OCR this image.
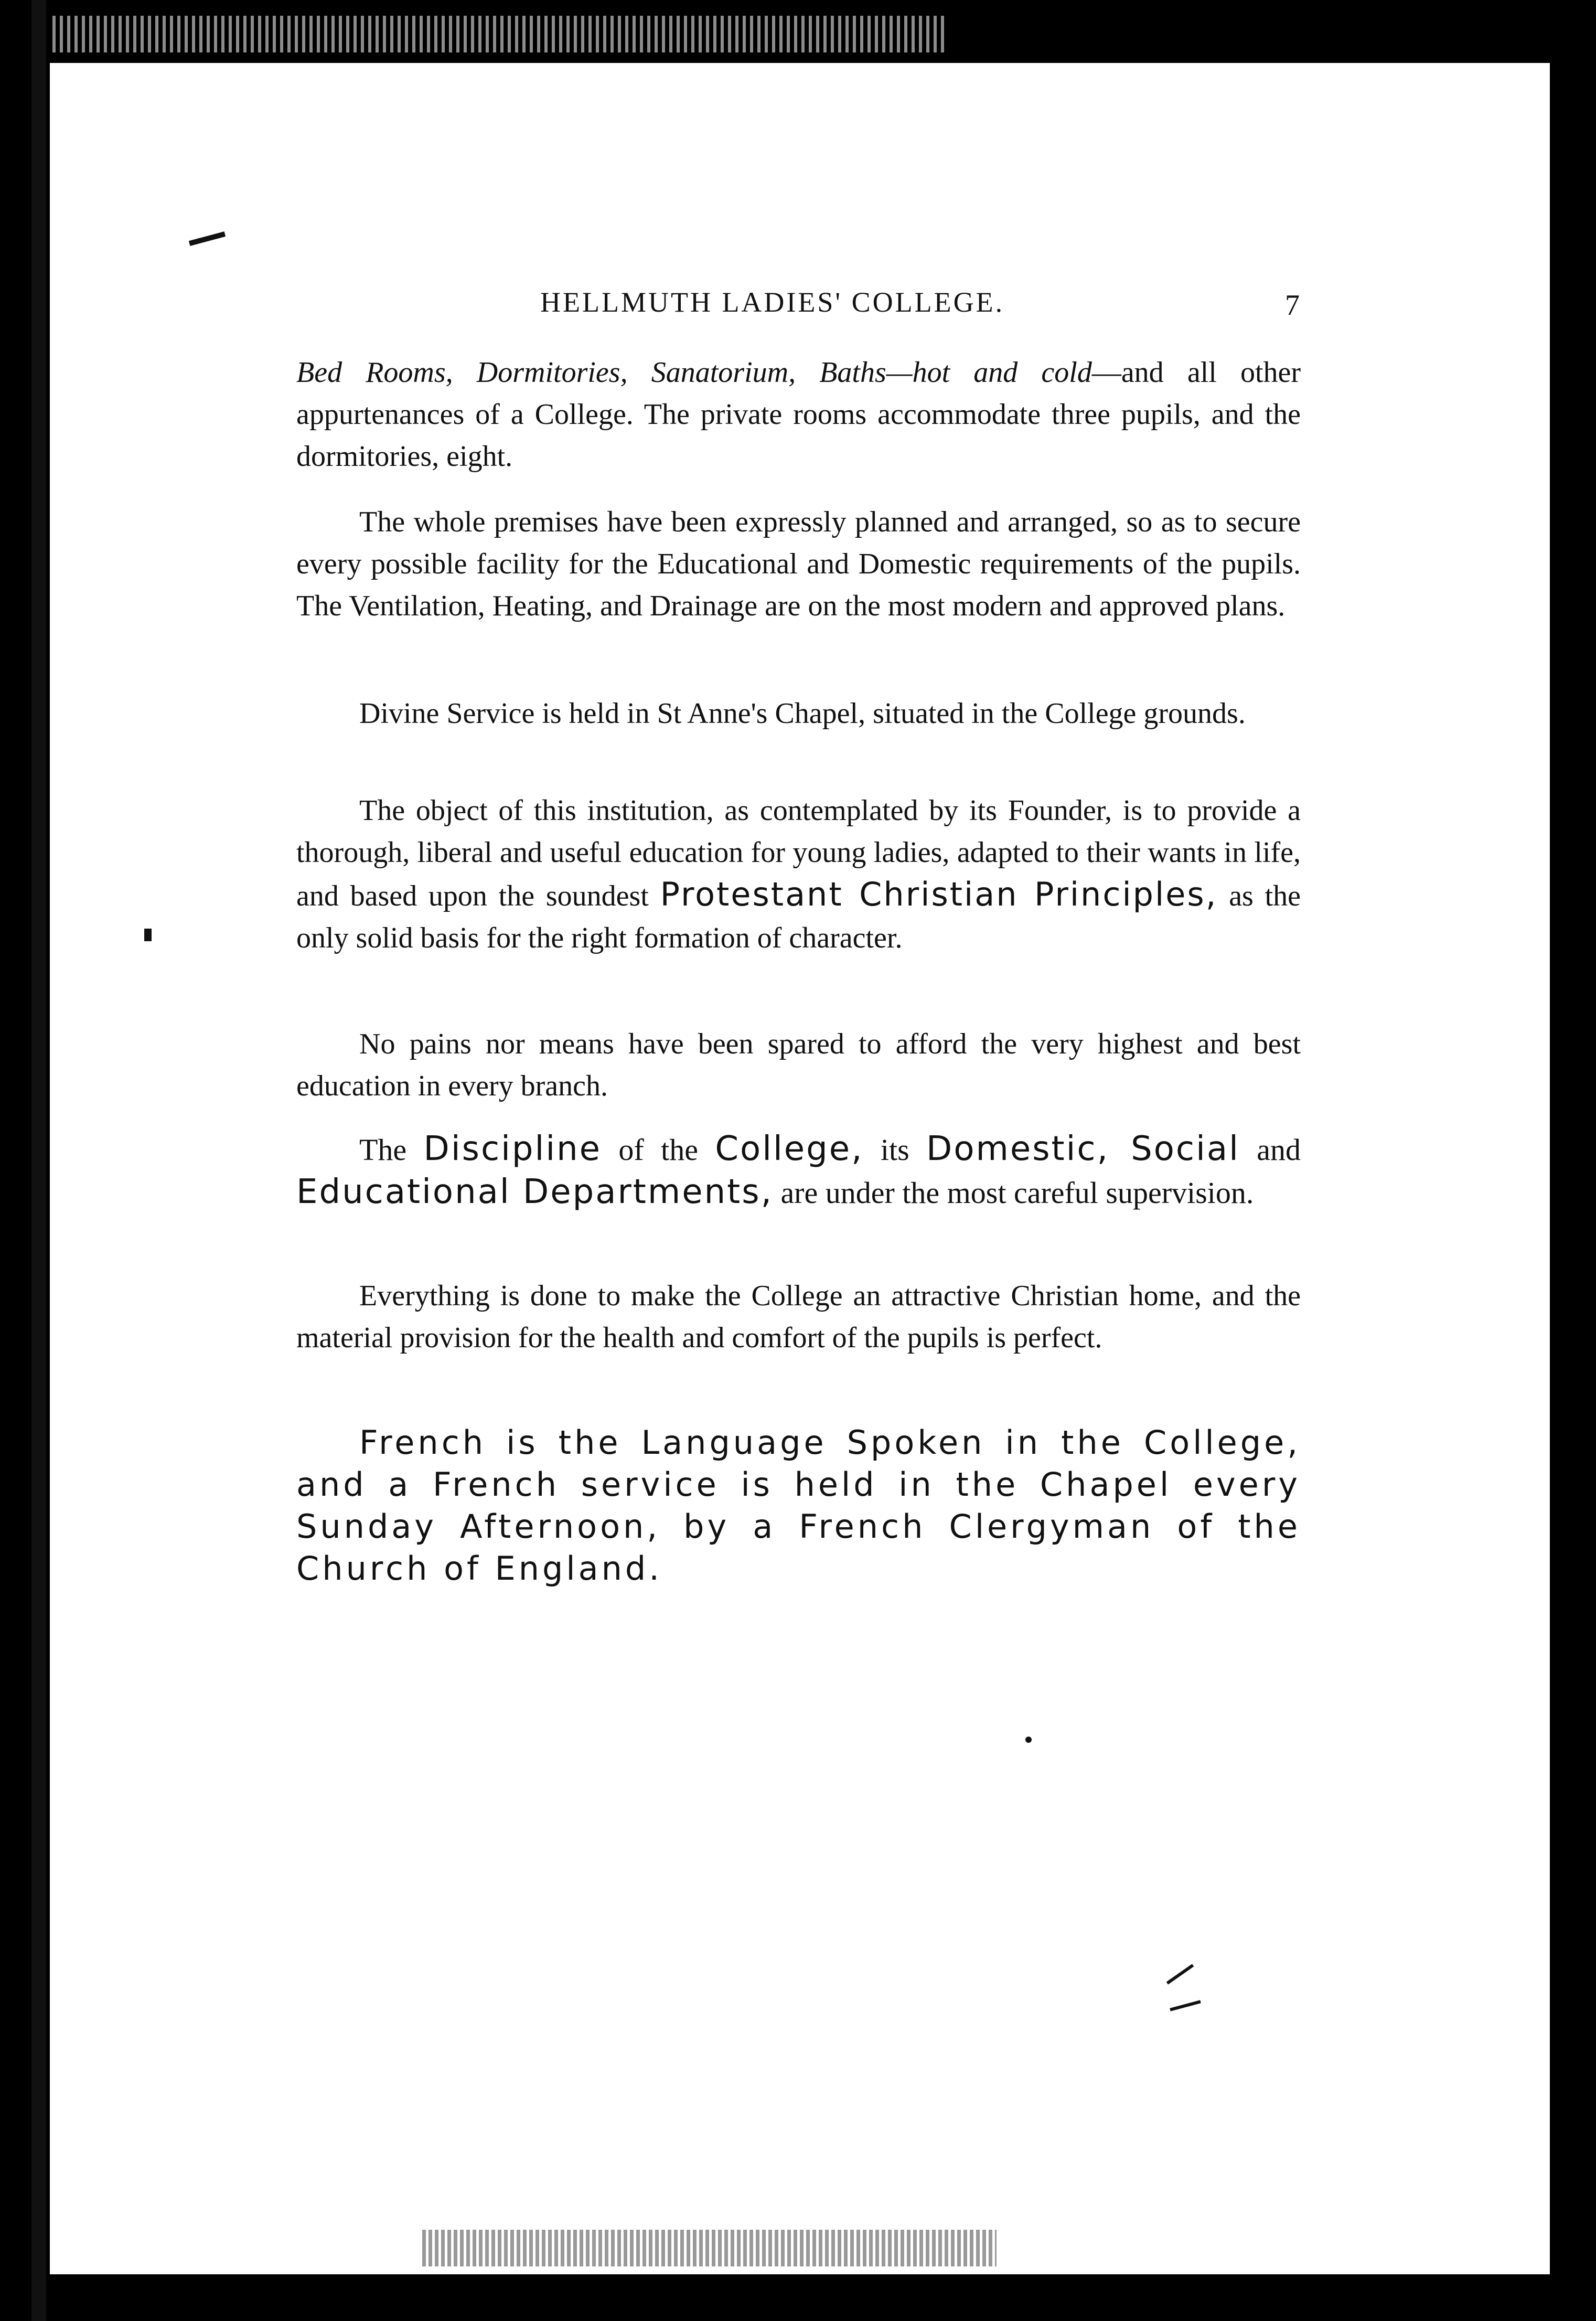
HELLMUTH LADIES' COLLEGE.	7

Bed Rooms, Dormitories, Sanatorium, Baths—hot and cold—and all other appurtenances of a College. The private rooms accommodate three pupils, and the dormitories, eight.

The whole premises have been expressly planned and arranged, so as to secure every possible facility for the Educational and Domestic requirements of the pupils. The Ventilation, Heating, and Drainage are on the most modern and approved plans.

Divine Service is held in St Anne's Chapel, situated in the College grounds.

The object of this institution, as contemplated by its Founder, is to provide a thorough, liberal and useful education for young ladies, adapted to their wants in life, and based upon the soundest Protestant Christian Principles, as the only solid basis for the right formation of character.

No pains nor means have been spared to afford the very highest and best education in every branch.

The Discipline of the College, its Domestic, Social and Educational Departments, are under the most careful supervision.

Everything is done to make the College an attractive Christian home, and the material provision for the health and comfort of the pupils is perfect.

French is the Language Spoken in the College, and a French service is held in the Chapel every Sunday Afternoon, by a French Clergyman of the Church of England.
